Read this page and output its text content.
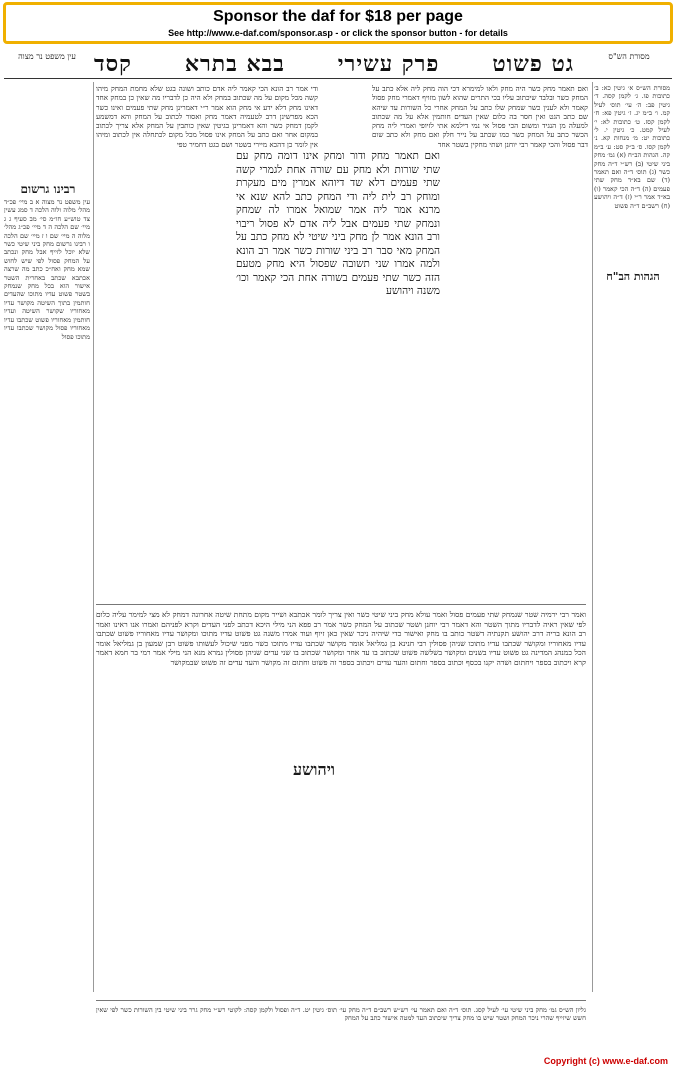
Sponsor the daf for $18 per page
See http://www.e-daf.com/sponsor.asp - or click the sponsor button - for details
מסורת הש"ס
גט פשוט
פרק עשירי
בבא בתרא
קסד
עין משפט נר מצוה
מסורת הש״ס א׳ גיטין כא: ב׳ כתובות פו. ג׳ לקמן קסה. ד׳ גיטין פב: ה׳ עי׳ תוס׳ לעיל קמ. ו׳ ב״מ יג. ז׳ גיטין פא: ח׳ לקמן קסז. ט׳ כתובות לא: י׳ לעיל קמט. כ׳ גיטין י. ל׳ כתובות יט: מ׳ מנחות קא. נ׳ לקמן קסו. ס׳ ב״ק סט: ע׳ ב״מ קה. הגהות הב״ח (א) גמ׳ מחק ביני שיטי (ב) רש״י ד״ה מחק כשר (ג) תוס׳ ד״ה ואם תאמר (ד) שם בא״ד מחק שתי פעמים (ה) ד״ה הכי קאמר (ו) בא״ד אמר ר״י (ז) ד״ה ויהושע (ח) רשב״ם ד״ה פשוט
הגהות הב"ח
ואם תאמר מחק כשר היה מחק ולאו למימרא דכי הוה מחק ליה אלא כתב על המחק כשר ובלבד שיכתוב עליו בכי התרים שהוא לשון מזויף דאמרי מחק פסול קאמר ולא לענין כשר שמחק שלו כתב על המחק אחרי כל השורות עד שיהא שם כתב הגט ואין חסר בה כלום שאין העדים חותמין אלא על מה שכתוב למעלה מן הנגיד ומשום הכי פסול אי נמי דילמא אתי לזיופי ואמרי ליה מחק הכשר כתב על המחק כשר כמו שכתב על נייר חלק ואם מחק ולא כתב שום דבר פסול והכי קאמר רבי יוחנן ושתי מחקין בשטר אחד
ואם תאמר מחק ודור ומחק אינו דומה מחק עם שתי שורות ולא מחק עם שורה אחת לגמרי קשה שתי פעמים דלא שד דיוהא אמרין מים מעקרת ומוחק רב לית ליה ודי המחק כתב להא שנא אי מרנא אמר ליה אמר שמואל אמרו לה שמחק ונמחק שתי פעמים אבל ליה אדם לא פסול ריבוי ורב הונא אמר לן מחק ביני שיטי לא מחק כתב על המחק מאי סבר רב ביני שורות כשר אמר רב הונא ולמה אמרו שני תשובה שפסול היא מחק מטעם הזה כשר שתי פעמים בשורה אחת הכי קאמר וכו׳ משנה ויהושע
ודי אמר רב הונא הכי קאמר ליה אדם כותב ושונה בגט שלא מחמת המחק מיהו קשה מכל מקום על מה שכתוב במחק ולא היה כן לדבריו מה שאין כן במחק אחד דאינו מחק דלא ידע אי מחק הוא אמר ר״י דאמרינן מחק שתי פעמים ואינו כשר הכא מפרשינן דרב לטעמיה דאמר מחק ואסור לכתוב על המחק והא דמשמע לקמן דמחק כשר והא דאמרינן בגיטין שאין כותבין על המחק אלא צריך לכתוב במקום אחר ואם כתב על המחק אינו פסול מכל מקום לכתחלה אין לכתוב ומיהו אין לומר כן דהכא מיירי בשטר ושם בגט דחמיר טפי
ואמר רבי ירמיה שטר שנמחק שתי פעמים פסול ואמר עולא מחק ביני שיטי כשר ואין צריך לומר אכתבא ושייר מקום מתחת שיטה אחרונה דמחק לא מצי למימר עליה כלום לפי שאין ראיה לדבריו מתוך השטר והא דאמר רבי יוחנן ושטר שכתוב על המחק כשר אמר רב פפא הני מילי היכא דכתב לפני העדים וקרא לפניהם ואמרו אנו ראינו ואמר רב הונא בריה דרב יהושע תקנתיה דשטר כותב בו מחק ואישור כדי שיהיה ניכר שאין כאן זיוף ועוד אמרו משנה גט פשוט עדיו מתוכו ומקושר עדיו מאחוריו פשוט שכתבו עדיו מאחוריו ומקושר שכתבו עדיו מתוכו שניהן פסולין רבי חנינא בן גמליאל אומר מקושר שכתבו עדיו מתוכו כשר מפני שיכול לעשותו פשוט רבן שמעון בן גמליאל אומר הכל כמנהג המדינה גט פשוט עדיו בשנים ומקושר בשלשה פשוט שכתוב בו עד אחד ומקושר שכתוב בו שני עדים שניהן פסולין גמרא מנא הני מילי אמר רמי בר חמא דאמר קרא ויכתוב בספר ויחתום ושדה יקנו בכסף וכתוב בספר וחתום והעד עדים ויכתוב בספר זה פשוט וחתום זה מקושר והעד עדים זה פשוט שבמקושר
ויהושע
רבינו גרשום
עין משפט נר מצוה א ב מיי׳ פכ״ד מהל׳ מלוה ולוה הלכה ד סמג עשין צד טוש״ע חו״מ סי׳ מב סעיף ג ג מיי׳ שם הלכה ה ד מיי׳ פכ״ג מהל׳ מלוה ה מיי׳ שם ו ז מיי׳ שם הלכה ו רבינו גרשום מחק ביני שיטי כשר שלא יוכל לזייף אבל מחק ונכתב על המחק פסול לפי שיש לחוש שמא מחק ואח״כ כתב מה שרצה אכתבא שכתב באחרית השטר אישור הוא בכל מחק שנמחק בשטר פשוט עדיו מתוכו שהעדים חותמין בתוך השיטה מקושר עדיו מאחוריו שקושר השיטה ועדיו חותמין מאחוריו פשוט שכתבו עדיו מאחוריו פסול מקושר שכתבו עדיו מתוכו פסול
גליון הש״ס גמ׳ מחק ביני שיטי עי׳ לעיל קסג. תוס׳ ד״ה ואם תאמר עי׳ רש״ש רשב״ם ד״ה מחק עי׳ תוס׳ גיטין יט. ד״ה ופסול ולקמן קסה: לקוטי רש״י מחק גרר ביני שיטי בין השורות כשר לפי שאין חשש שיזייף שהרי ניכר המחק ושטר שיש בו מחק צריך שיכתוב העד למטה אישור כתב על המחק
Copyright (c) www.e-daf.com
